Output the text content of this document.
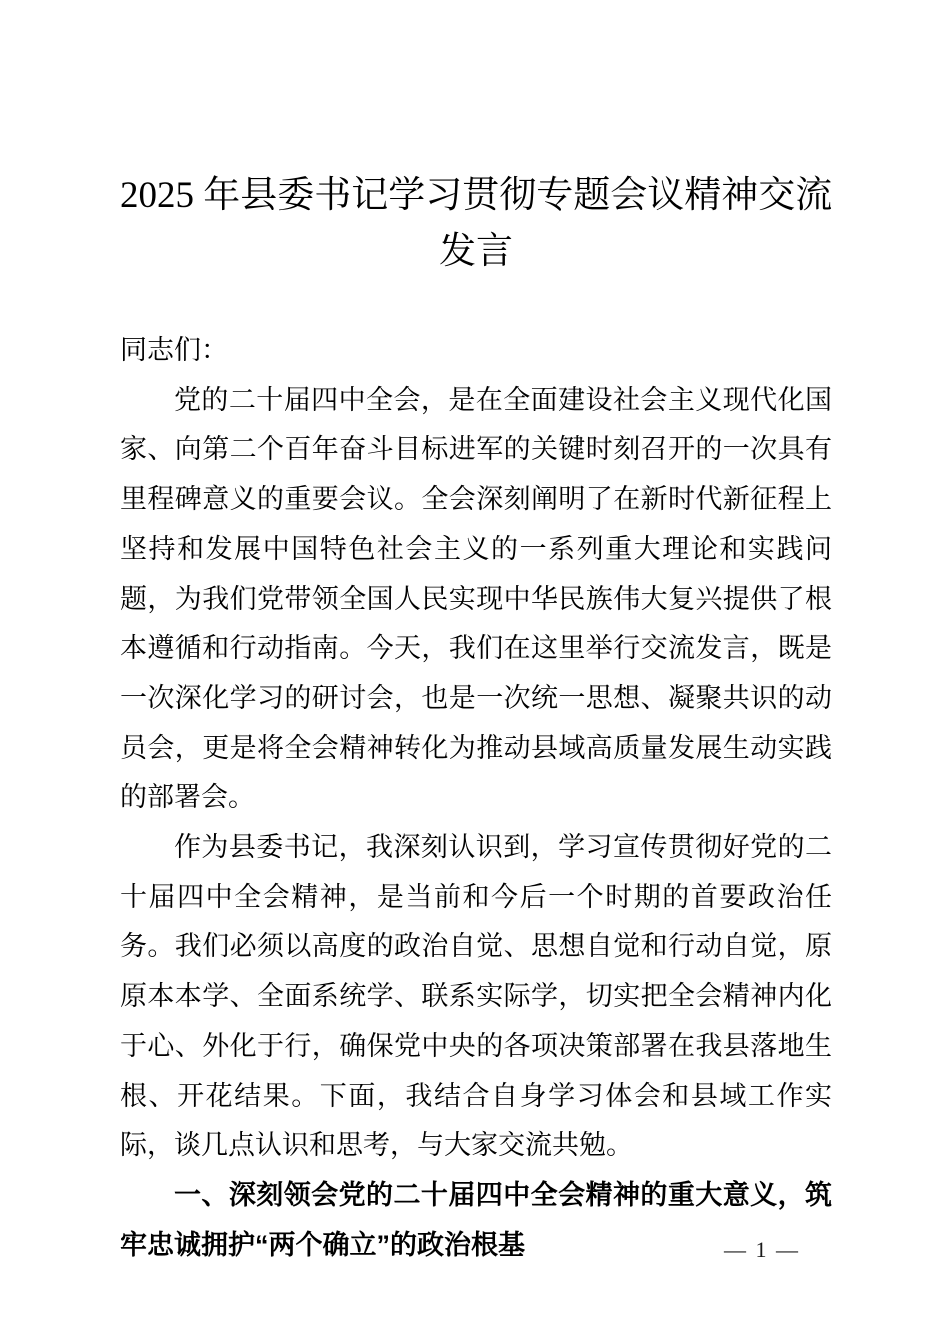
2025 年县委书记学习贯彻专题会议精神交流
发言

同志们：

党的二十届四中全会，是在全面建设社会主义现代化国家、向第二个百年奋斗目标进军的关键时刻召开的一次具有里程碑意义的重要会议。全会深刻阐明了在新时代新征程上坚持和发展中国特色社会主义的一系列重大理论和实践问题，为我们党带领全国人民实现中华民族伟大复兴提供了根本遵循和行动指南。今天，我们在这里举行交流发言，既是一次深化学习的研讨会，也是一次统一思想、凝聚共识的动员会，更是将全会精神转化为推动县域高质量发展生动实践的部署会。

作为县委书记，我深刻认识到，学习宣传贯彻好党的二十届四中全会精神，是当前和今后一个时期的首要政治任务。我们必须以高度的政治自觉、思想自觉和行动自觉，原原本本学、全面系统学、联系实际学，切实把全会精神内化于心、外化于行，确保党中央的各项决策部署在我县落地生根、开花结果。下面，我结合自身学习体会和县域工作实际，谈几点认识和思考，与大家交流共勉。

一、深刻领会党的二十届四中全会精神的重大意义，筑牢忠诚拥护“两个确立”的政治根基	— 1 —
